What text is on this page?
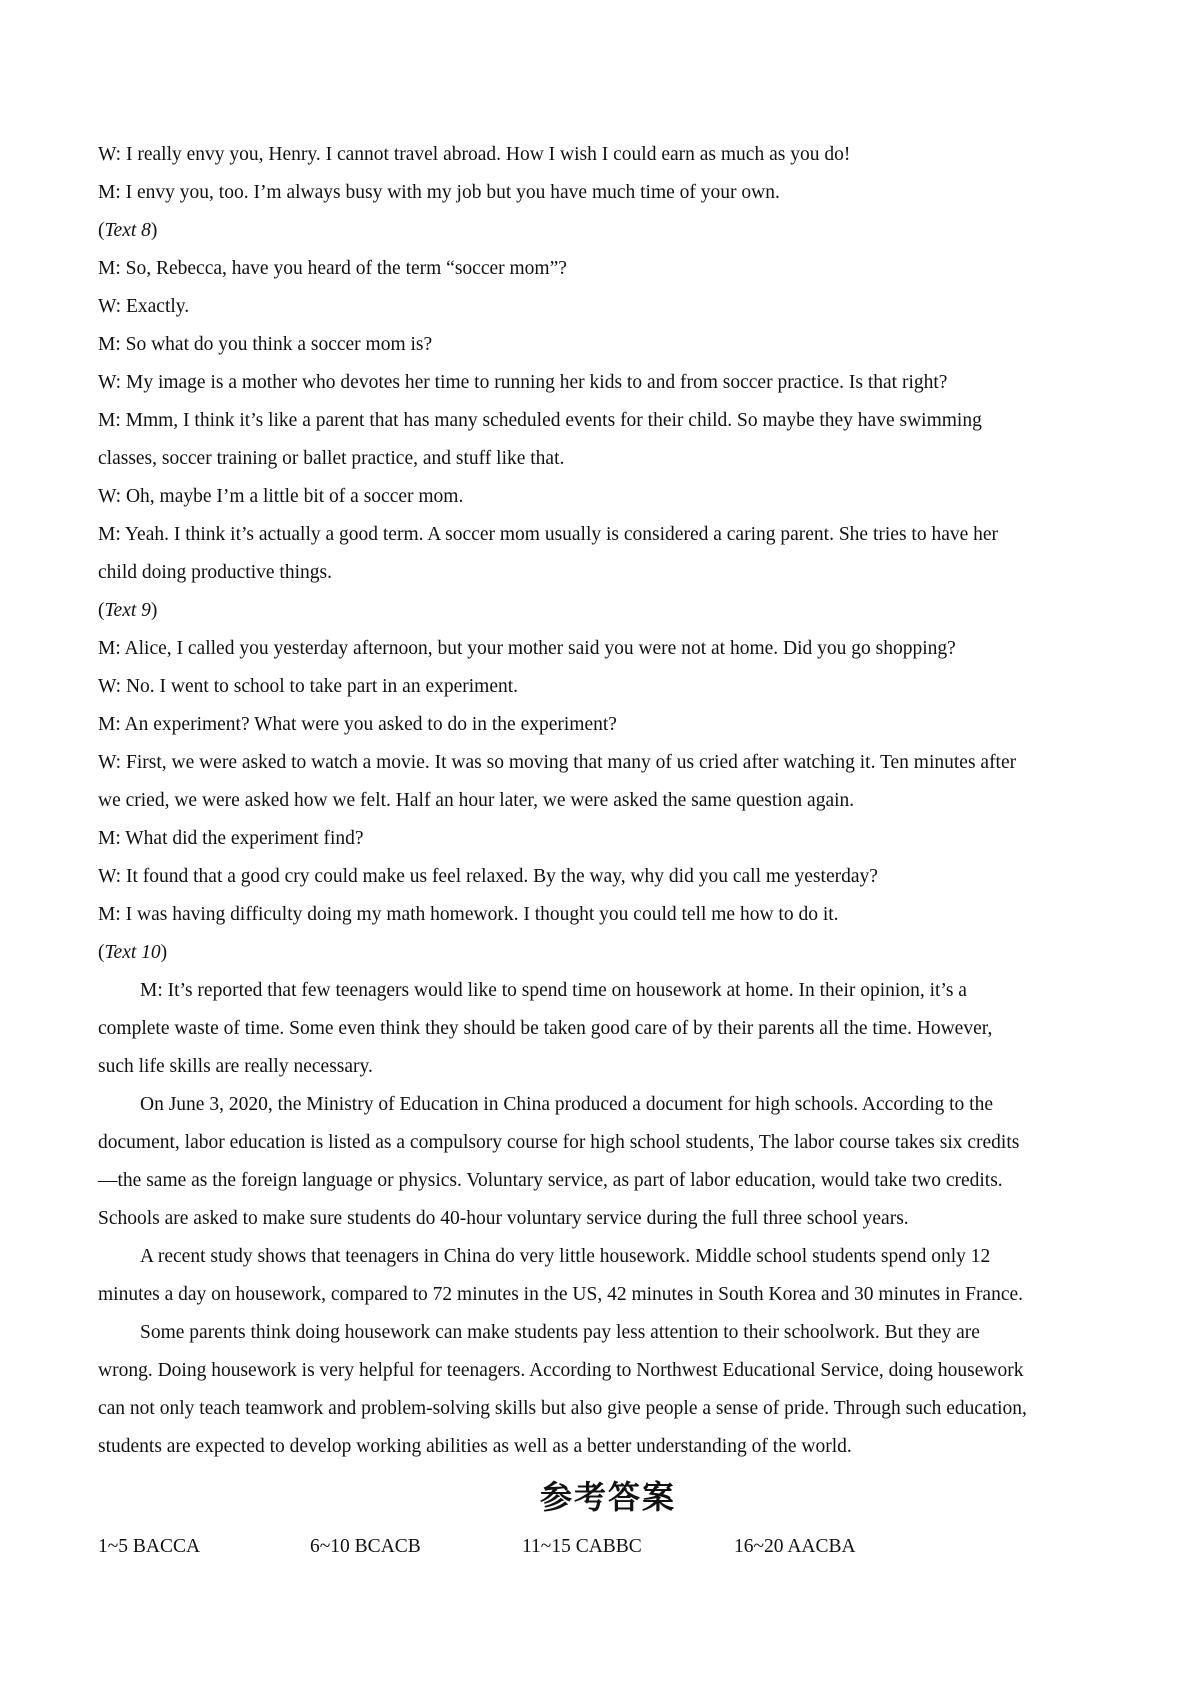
W: I really envy you, Henry. I cannot travel abroad. How I wish I could earn as much as you do!
M: I envy you, too. I’m always busy with my job but you have much time of your own.
(Text 8)
M: So, Rebecca, have you heard of the term “soccer mom”?
W: Exactly.
M: So what do you think a soccer mom is?
W: My image is a mother who devotes her time to running her kids to and from soccer practice. Is that right?
M: Mmm, I think it’s like a parent that has many scheduled events for their child. So maybe they have swimming
classes, soccer training or ballet practice, and stuff like that.
W: Oh, maybe I’m a little bit of a soccer mom.
M: Yeah. I think it’s actually a good term. A soccer mom usually is considered a caring parent. She tries to have her
child doing productive things.
(Text 9)
M: Alice, I called you yesterday afternoon, but your mother said you were not at home. Did you go shopping?
W: No. I went to school to take part in an experiment.
M: An experiment? What were you asked to do in the experiment?
W: First, we were asked to watch a movie. It was so moving that many of us cried after watching it. Ten minutes after
we cried, we were asked how we felt. Half an hour later, we were asked the same question again.
M: What did the experiment find?
W: It found that a good cry could make us feel relaxed. By the way, why did you call me yesterday?
M: I was having difficulty doing my math homework. I thought you could tell me how to do it.
(Text 10)
M: It’s reported that few teenagers would like to spend time on housework at home. In their opinion, it’s a
complete waste of time. Some even think they should be taken good care of by their parents all the time. However,
such life skills are really necessary.
On June 3, 2020, the Ministry of Education in China produced a document for high schools. According to the
document, labor education is listed as a compulsory course for high school students, The labor course takes six credits
—the same as the foreign language or physics. Voluntary service, as part of labor education, would take two credits.
Schools are asked to make sure students do 40-hour voluntary service during the full three school years.
A recent study shows that teenagers in China do very little housework. Middle school students spend only 12
minutes a day on housework, compared to 72 minutes in the US, 42 minutes in South Korea and 30 minutes in France.
Some parents think doing housework can make students pay less attention to their schoolwork. But they are
wrong. Doing housework is very helpful for teenagers. According to Northwest Educational Service, doing housework
can not only teach teamwork and problem-solving skills but also give people a sense of pride. Through such education,
students are expected to develop working abilities as well as a better understanding of the world.
参考答案
1~5 BACCA	6~10 BCACB	11~15 CABBC	16~20 AACBA
